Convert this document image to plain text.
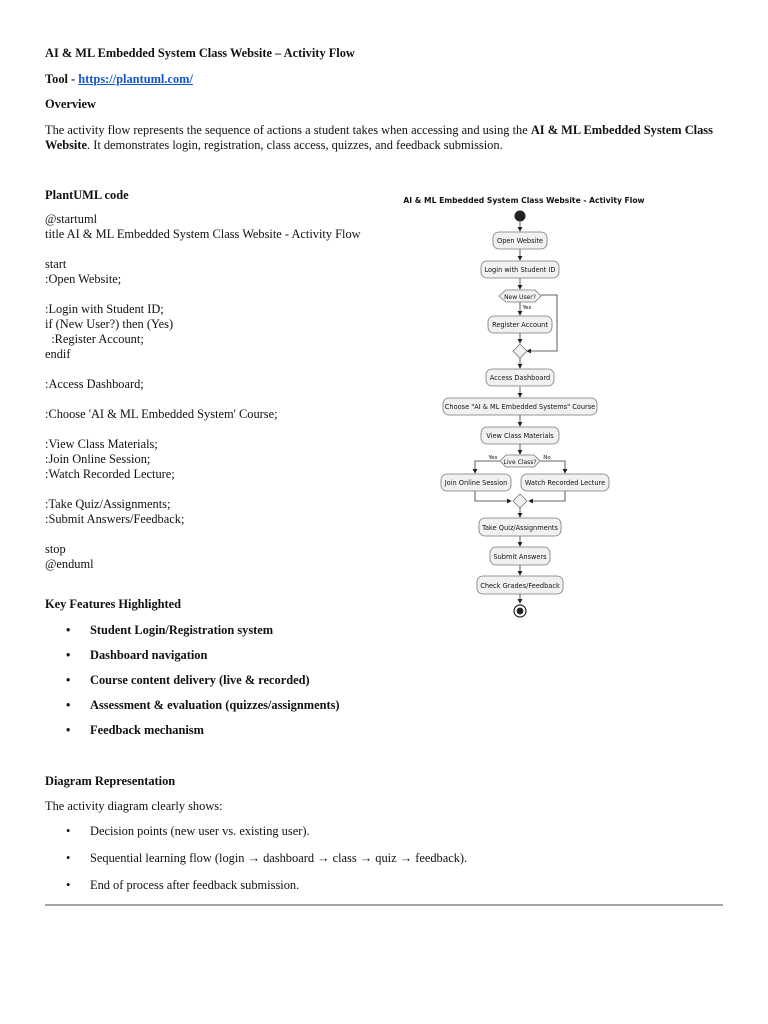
AI & ML Embedded System Class Website – Activity Flow
Tool - https://plantuml.com/
Overview
The activity flow represents the sequence of actions a student takes when accessing and using the AI & ML Embedded System Class Website. It demonstrates login, registration, class access, quizzes, and feedback submission.
PlantUML code
@startuml
title AI & ML Embedded System Class Website - Activity Flow
start
:Open Website;
:Login with Student ID;
if (New User?) then (Yes)
:Register Account;
endif
:Access Dashboard;
:Choose 'AI & ML Embedded System' Course;
:View Class Materials;
:Join Online Session;
:Watch Recorded Lecture;
:Take Quiz/Assignments;
:Submit Answers/Feedback;
stop
@enduml
Key Features Highlighted
• Student Login/Registration system
• Dashboard navigation
• Course content delivery (live & recorded)
• Assessment & evaluation (quizzes/assignments)
• Feedback mechanism
Diagram Representation
The activity diagram clearly shows:
• Decision points (new user vs. existing user).
• Sequential learning flow (login → dashboard → class → quiz → feedback).
• End of process after feedback submission.
AI & ML Embedded System Class Website - Activity Flow
Open Website
Login with Student ID
New User?
Yes
Register Account
Access Dashboard
Choose "AI & ML Embedded Systems" Course
View Class Materials
Live Class?
Yes	No
Join Online Session	Watch Recorded Lecture
Take Quiz/Assignments
Submit Answers
Check Grades/Feedback
